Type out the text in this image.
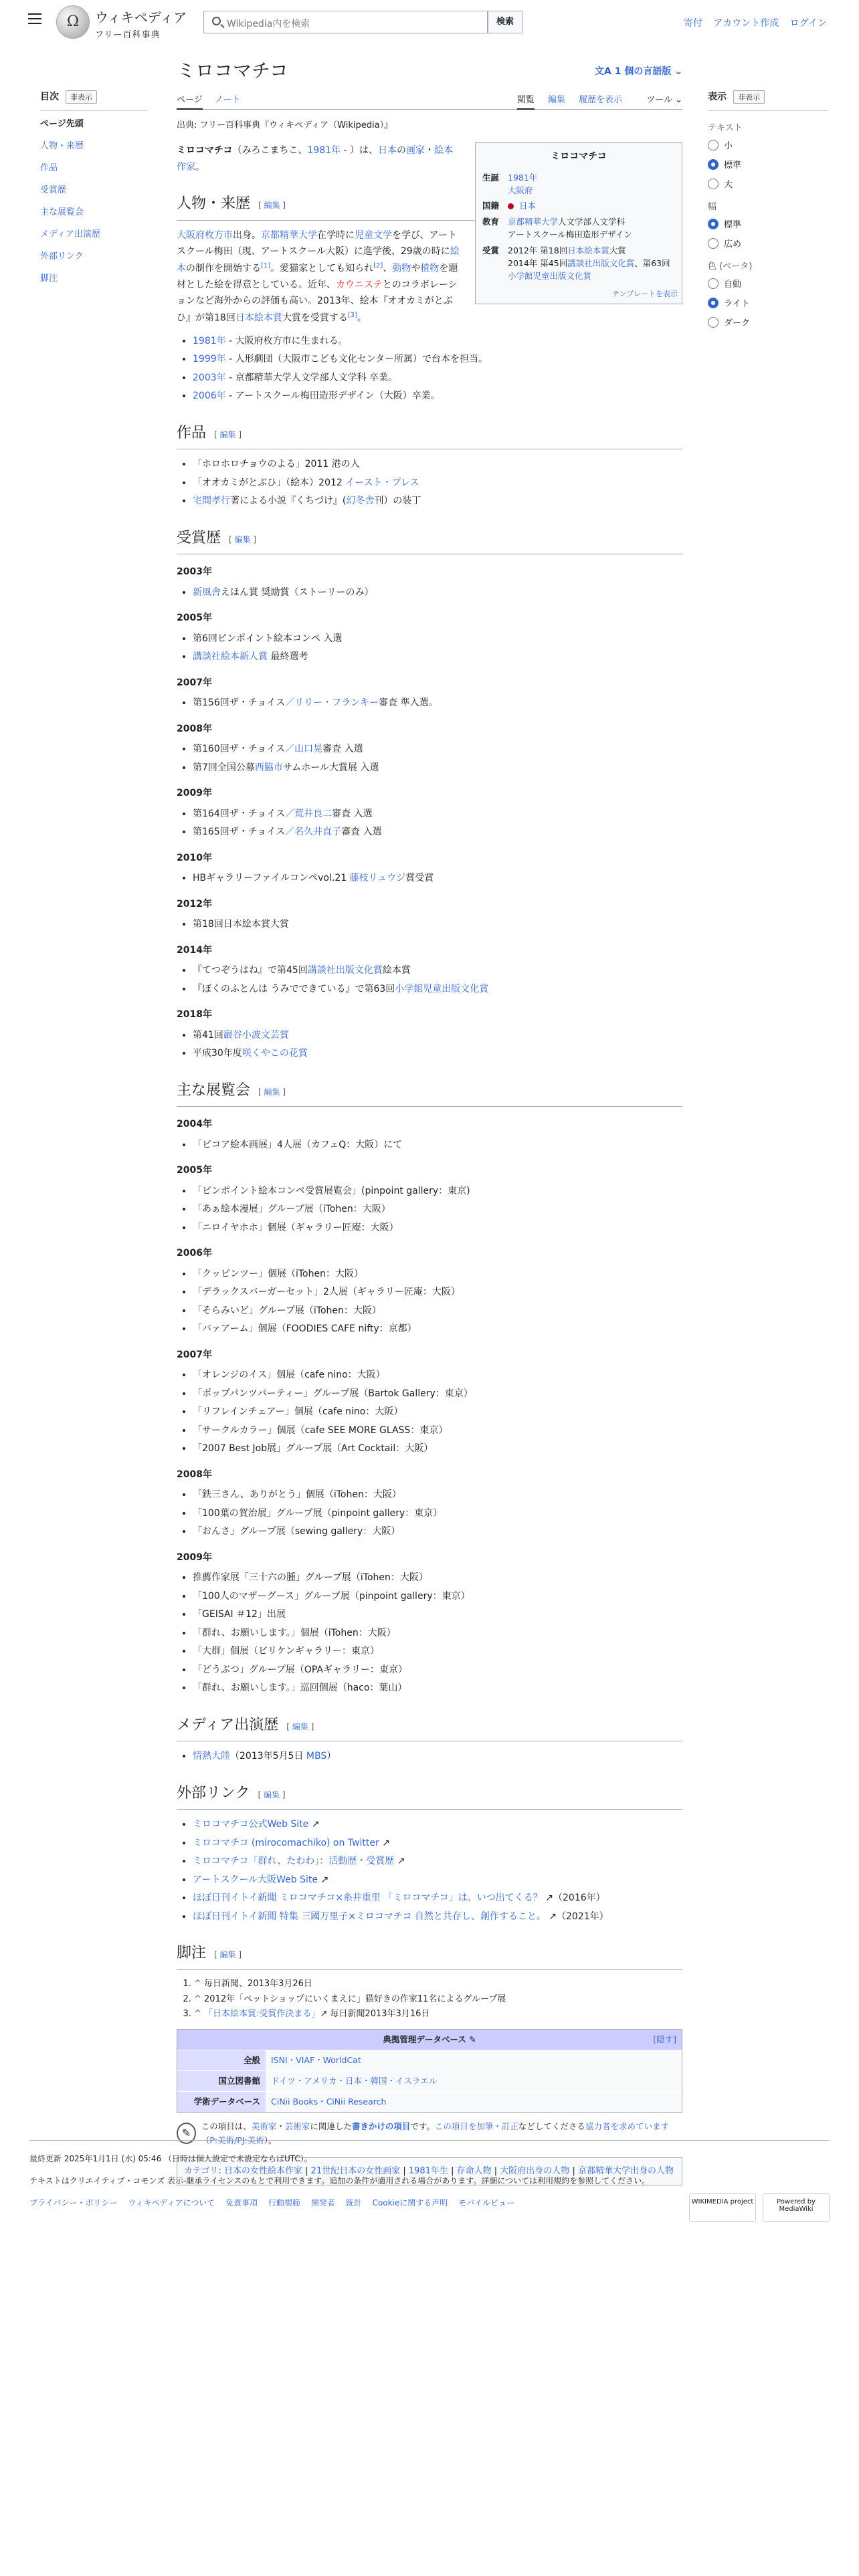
Ω	ウィキペディア
フリー百科事典
Wikipedia内を検索	検索	寄付 アカウント作成 ログイン
目次 非表示
ページ先頭
人物・来歴
作品
受賞歴
主な展覧会
メディア出演歴
外部リンク
脚注
表示 非表示
テキスト
小
標準
大
幅
標準
広め
色 (ベータ)
自動
ライト
ダーク
ミロコマチコ	文A 1 個の言語版 ⌄
ページ ノート	閲覧 編集 履歴を表示	ツール ⌄
出典: フリー百科事典『ウィキペディア（Wikipedia）』
ミロコマチコ
生誕	1981年
大阪府
国籍	日本
教育	京都精華大学人文学部人文学科
アートスクール梅田造形デザイン
受賞	2012年 第18回日本絵本賞大賞
2014年 第45回講談社出版文化賞、第63回
小学館児童出版文化賞
テンプレートを表示

ミロコマチコ（みろこまちこ、1981年 - ）は、日本の画家・絵本作家。

人物・来歴 [ 編集 ]

大阪府枚方市出身。京都精華大学在学時に児童文学を学び、アートスクール梅田（現、アートスクール大阪）に進学後、29歳の時に絵本の制作を開始する[1]。愛猫家としても知られ[2]、動物や植物を題材とした絵を得意としている。近年、カウニステとのコラボレーションなど海外からの評価も高い。2013年、絵本『オオカミがとぶひ』が第18回日本絵本賞大賞を受賞する[3]。

• 1981年 - 大阪府枚方市に生まれる。
• 1999年 - 人形劇団（大阪市こども文化センター所属）で台本を担当。
• 2003年 - 京都精華大学人文学部人文学科 卒業。
• 2006年 - アートスクール梅田造形デザイン（大阪）卒業。
作品 [ 編集 ]
• 「ホロホロチョウのよる」2011 港の人
• 「オオカミがとぶひ」（絵本）2012 イースト・プレス
• 宅間孝行著による小説『くちづけ』(幻冬舎刊）の装丁
受賞歴 [ 編集 ]
2003年
• 新風舎えほん賞 奨励賞（ストーリーのみ）
2005年
• 第6回ピンポイント絵本コンペ 入選
• 講談社絵本新人賞 最終選考
2007年
• 第156回ザ・チョイス／リリー・フランキー審査 準入選。
2008年
• 第160回ザ・チョイス／山口晃審査 入選
• 第7回全国公募西脇市サムホール大賞展 入選
2009年
• 第164回ザ・チョイス／荒井良二審査 入選
• 第165回ザ・チョイス／名久井直子審査 入選
2010年
• HBギャラリーファイルコンペvol.21 藤枝リュウジ賞受賞
2012年
• 第18回日本絵本賞大賞
2014年
• 『てつぞうはね』で第45回講談社出版文化賞絵本賞
• 『ぼくのふとんは うみでできている』で第63回小学館児童出版文化賞
2018年
• 第41回巖谷小波文芸賞
• 平成30年度咲くやこの花賞
主な展覧会 [ 編集 ]
2004年
• 「ピコア絵本画展」4人展（カフェQ：大阪）にて
2005年
• 「ピンポイント絵本コンペ受賞展覧会」(pinpoint gallery：東京)
• 「あぁ絵本漫展」グループ展（iTohen：大阪）
• 「ニロイヤホホ」個展（ギャラリー匠庵：大阪）
2006年
• 「クッピンツー」個展（iTohen：大阪）
• 「デラックスバーガーセット」2人展（ギャラリー匠庵：大阪）
• 「そらみいど」グループ展（iTohen：大阪）
• 「バァアーム」個展（FOODIES CAFE nifty：京都）
2007年
• 「オレンジのイス」個展（cafe nino：大阪）
• 「ポップパンツパーティー」グループ展（Bartok Gallery：東京）
• 「リフレインチェアー」個展（cafe nino：大阪）
• 「サークルカラー」個展（cafe SEE MORE GLASS：東京）
• 「2007 Best Job展」グループ展（Art Cocktail：大阪）
2008年
• 「鉄三さん、ありがとう」個展（iTohen：大阪）
• 「100葉の賀治展」グループ展（pinpoint gallery：東京）
• 「おんさ」グループ展（sewing gallery：大阪）
2009年
• 推薦作家展「三十六の腫」グループ展（iTohen：大阪）
• 「100人のマザーグース」グループ展（pinpoint gallery：東京）
• 「GEISAI ＃12」出展
• 「群れ、お願いします。」個展（iTohen：大阪）
• 「大群」個展（ビリケンギャラリー：東京）
• 「どうぶつ」グループ展（OPAギャラリー：東京）
• 「群れ、お願いします。」巡回個展（haco：葉山）
メディア出演歴 [ 編集 ]
• 情熱大陸（2013年5月5日 MBS）
外部リンク [ 編集 ]
• ミロコマチコ公式Web Site ↗
• ミロコマチコ (mirocomachiko) on Twitter ↗
• ミロコマチコ「群れ、たわわ」：活動歴・受賞歴 ↗
• アートスクール大阪Web Site ↗
• ほぼ日刊イトイ新聞 ミロコマチコ×糸井重里 「ミロコマチコ」は、いつ出てくる？ ↗（2016年）
• ほぼ日刊イトイ新聞 特集 三國万里子×ミロコマチコ 自然と共存し、創作すること。 ↗（2021年）
脚注 [ 編集 ]
1. ^ 毎日新聞、2013年3月26日
2. ^ 2012年「ペットショップにいくまえに」猫好きの作家11名によるグループ展
3. ^ 「日本絵本賞:受賞作決まる」↗ 毎日新聞2013年3月16日
典拠管理データベース ✎	[隠す]
全般	ISNI・VIAF・WorldCat
国立図書館	ドイツ・アメリカ・日本・韓国・イスラエル
学術データベース	CiNii Books・CiNii Research
✎
この項目は、美術家・芸術家に関連した書きかけの項目です。この項目を加筆・訂正などしてくださる協力者を求めています（P:美術/PJ:美術）。
カテゴリ: 日本の女性絵本作家 | 21世紀日本の女性画家 | 1981年生 | 存命人物 | 大阪府出身の人物 | 京都精華大学出身の人物
最終更新 2025年1月1日 (水) 05:46 （日時は個人設定で未設定ならばUTC）。
テキストはクリエイティブ・コモンズ 表示-継承ライセンスのもとで利用できます。追加の条件が適用される場合があります。詳細については利用規約を参照してください。
プライバシー・ポリシー ウィキペディアについて 免責事項 行動規範 開発者 統計 Cookieに関する声明 モバイルビュー	WIKIMEDIA project	Powered by MediaWiki
